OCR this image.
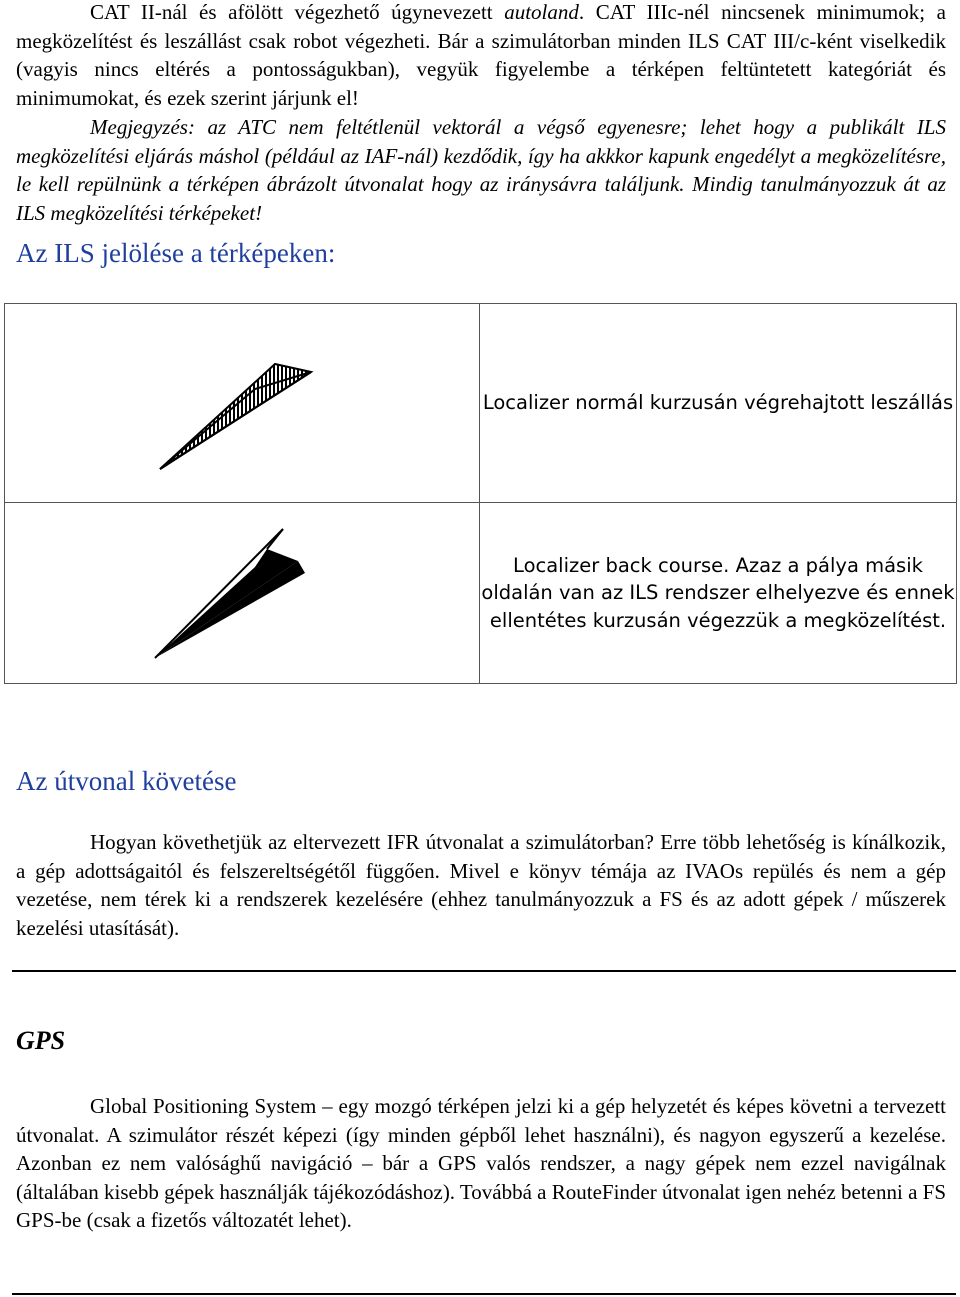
CAT II-nál és afölött végezhető úgynevezett autoland. CAT IIIc-nél nincsenek minimumok; a megközelítést és leszállást csak robot végezheti. Bár a szimulátorban minden ILS CAT III/c-ként viselkedik (vagyis nincs eltérés a pontosságukban), vegyük figyelembe a térképen feltüntetett kategóriát és minimumokat, és ezek szerint járjunk el!

Megjegyzés: az ATC nem feltétlenül vektorál a végső egyenesre; lehet hogy a publikált ILS megközelítési eljárás máshol (például az IAF-nál) kezdődik, így ha akkkor kapunk engedélyt a megközelítésre, le kell repülnünk a térképen ábrázolt útvonalat hogy az iránysávra találjunk. Mindig tanulmányozzuk át az ILS megközelítési térképeket!

Az ILS jelölése a térképeken:
	Localizer normál kurzusán végrehajtott leszállás

	Localizer back course. Azaz a pálya másik oldalán van az ILS rendszer elhelyezve és ennek ellentétes kurzusán végezzük a megközelítést.
Az útvonal követése

Hogyan követhetjük az eltervezett IFR útvonalat a szimulátorban? Erre több lehetőség is kínálkozik, a gép adottságaitól és felszereltségétől függően. Mivel e könyv témája az IVAOs repülés és nem a gép vezetése, nem térek ki a rendszerek kezelésére (ehhez tanulmányozzuk a FS és az adott gépek / műszerek kezelési utasítását).

GPS

Global Positioning System – egy mozgó térképen jelzi ki a gép helyzetét és képes követni a tervezett útvonalat. A szimulátor részét képezi (így minden gépből lehet használni), és nagyon egyszerű a kezelése. Azonban ez nem valósághű navigáció – bár a GPS valós rendszer, a nagy gépek nem ezzel navigálnak (általában kisebb gépek használják tájékozódáshoz). Továbbá a RouteFinder útvonalat igen nehéz betenni a FS GPS-be (csak a fizetős változatét lehet).
